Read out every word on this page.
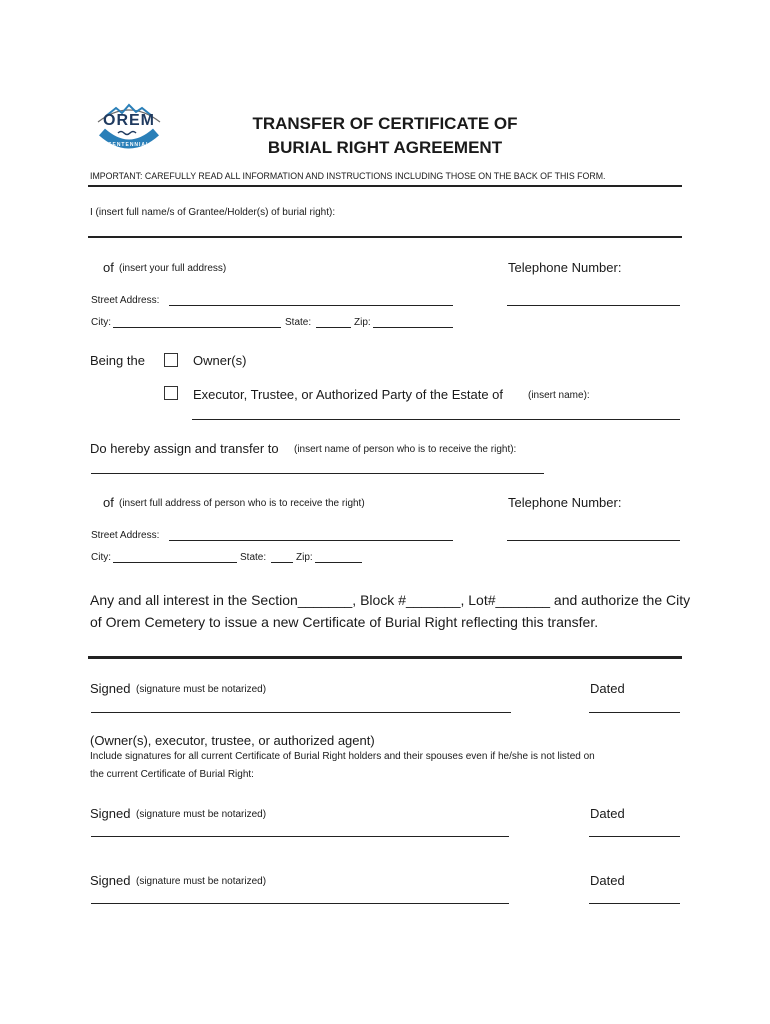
OREM
CENTENNIAL
TRANSFER OF CERTIFICATE OF
BURIAL RIGHT AGREEMENT
IMPORTANT: CAREFULLY READ ALL INFORMATION AND INSTRUCTIONS INCLUDING THOSE ON THE BACK OF THIS FORM.
I (insert full name/s of Grantee/Holder(s) of burial right):
of (insert your full address)	Telephone Number:
Street Address:
City:	State:	Zip:
Being the	Owner(s)
Executor, Trustee, or Authorized Party of the Estate of (insert name):
Do hereby assign and transfer to (insert name of person who is to receive the right):
of (insert full address of person who is to receive the right)	Telephone Number:
Street Address:
City:	State:	Zip:
Any and all interest in the Section_______, Block #_______, Lot#_______ and authorize the City
of Orem Cemetery to issue a new Certificate of Burial Right reflecting this transfer.
Signed (signature must be notarized)	Dated
(Owner(s), executor, trustee, or authorized agent)
Include signatures for all current Certificate of Burial Right holders and their spouses even if he/she is not listed on
the current Certificate of Burial Right:
Signed (signature must be notarized)	Dated
Signed (signature must be notarized)	Dated
